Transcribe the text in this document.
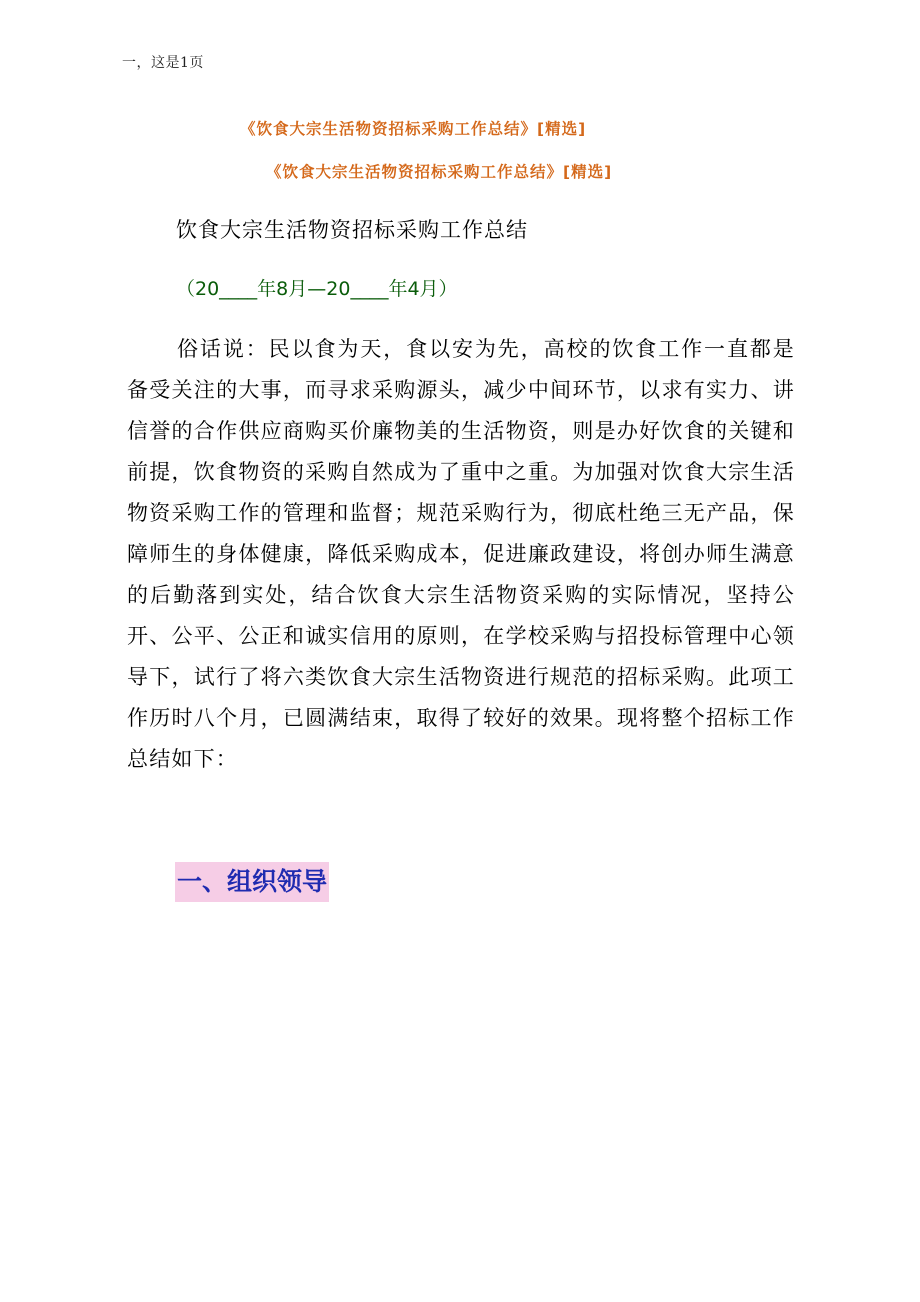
一，这是1页
《饮食大宗生活物资招标采购工作总结》[精选]
《饮食大宗生活物资招标采购工作总结》[精选]
饮食大宗生活物资招标采购工作总结
（20____年8月—20____年4月）

俗话说：民以食为天，食以安为先，高校的饮食工作一直都是备受关注的大事，而寻求采购源头，减少中间环节，以求有实力、讲信誉的合作供应商购买价廉物美的生活物资，则是办好饮食的关键和前提，饮食物资的采购自然成为了重中之重。为加强对饮食大宗生活物资采购工作的管理和监督；规范采购行为，彻底杜绝三无产品，保障师生的身体健康，降低采购成本，促进廉政建设，将创办师生满意的后勤落到实处，结合饮食大宗生活物资采购的实际情况，坚持公开、公平、公正和诚实信用的原则，在学校采购与招投标管理中心领导下，试行了将六类饮食大宗生活物资进行规范的招标采购。此项工作历时八个月，已圆满结束，取得了较好的效果。现将整个招标工作总结如下：

一、组织领导
